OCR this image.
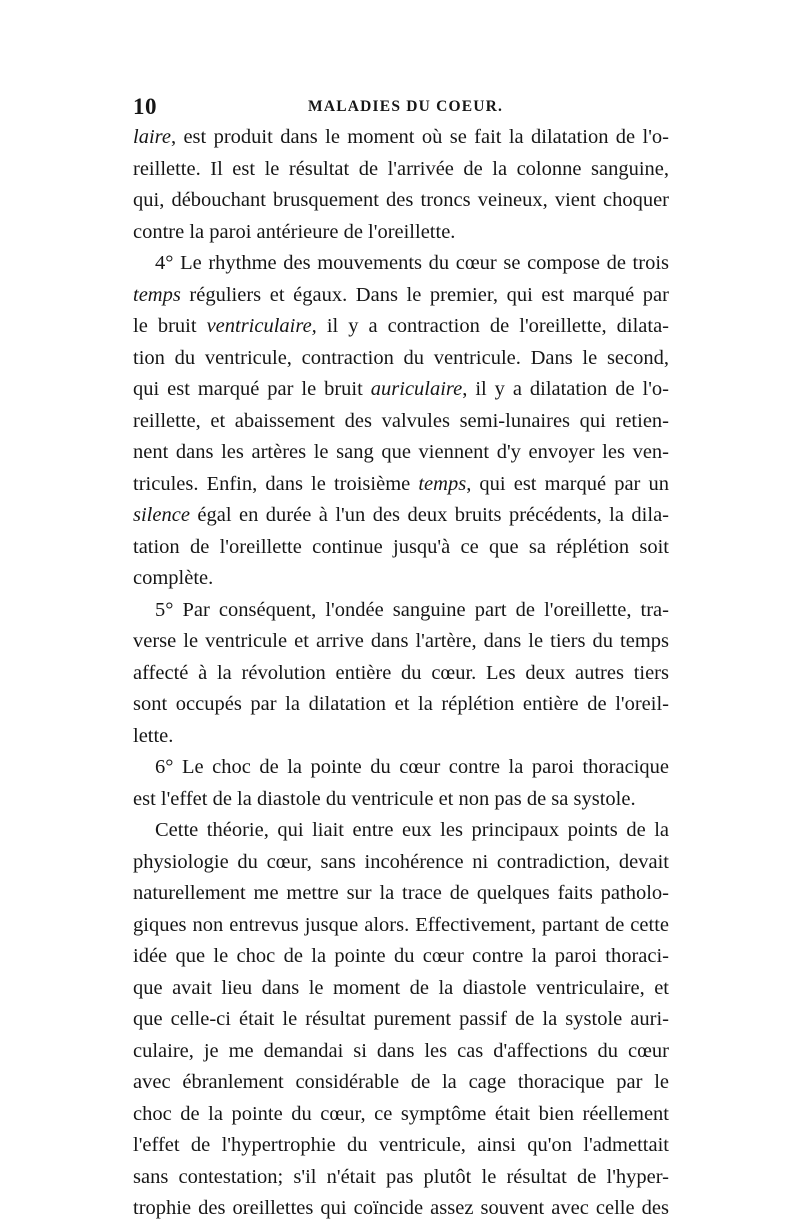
10	MALADIES DU COEUR.
laire, est produit dans le moment où se fait la dilatation de l'o-
reillette. Il est le résultat de l'arrivée de la colonne sanguine,
qui, débouchant brusquement des troncs veineux, vient choquer
contre la paroi antérieure de l'oreillette.
4° Le rhythme des mouvements du cœur se compose de trois
temps réguliers et égaux. Dans le premier, qui est marqué par
le bruit ventriculaire, il y a contraction de l'oreillette, dilata-
tion du ventricule, contraction du ventricule. Dans le second,
qui est marqué par le bruit auriculaire, il y a dilatation de l'o-
reillette, et abaissement des valvules semi-lunaires qui retien-
nent dans les artères le sang que viennent d'y envoyer les ven-
tricules. Enfin, dans le troisième temps, qui est marqué par un
silence égal en durée à l'un des deux bruits précédents, la dila-
tation de l'oreillette continue jusqu'à ce que sa réplétion soit
complète.
5° Par conséquent, l'ondée sanguine part de l'oreillette, tra-
verse le ventricule et arrive dans l'artère, dans le tiers du temps
affecté à la révolution entière du cœur. Les deux autres tiers
sont occupés par la dilatation et la réplétion entière de l'oreil-
lette.
6° Le choc de la pointe du cœur contre la paroi thoracique
est l'effet de la diastole du ventricule et non pas de sa systole.
Cette théorie, qui liait entre eux les principaux points de la
physiologie du cœur, sans incohérence ni contradiction, devait
naturellement me mettre sur la trace de quelques faits patholo-
giques non entrevus jusque alors. Effectivement, partant de cette
idée que le choc de la pointe du cœur contre la paroi thoraci-
que avait lieu dans le moment de la diastole ventriculaire, et
que celle-ci était le résultat purement passif de la systole auri-
culaire, je me demandai si dans les cas d'affections du cœur
avec ébranlement considérable de la cage thoracique par le
choc de la pointe du cœur, ce symptôme était bien réellement
l'effet de l'hypertrophie du ventricule, ainsi qu'on l'admettait
sans contestation; s'il n'était pas plutôt le résultat de l'hyper-
trophie des oreillettes qui coïncide assez souvent avec celle des
